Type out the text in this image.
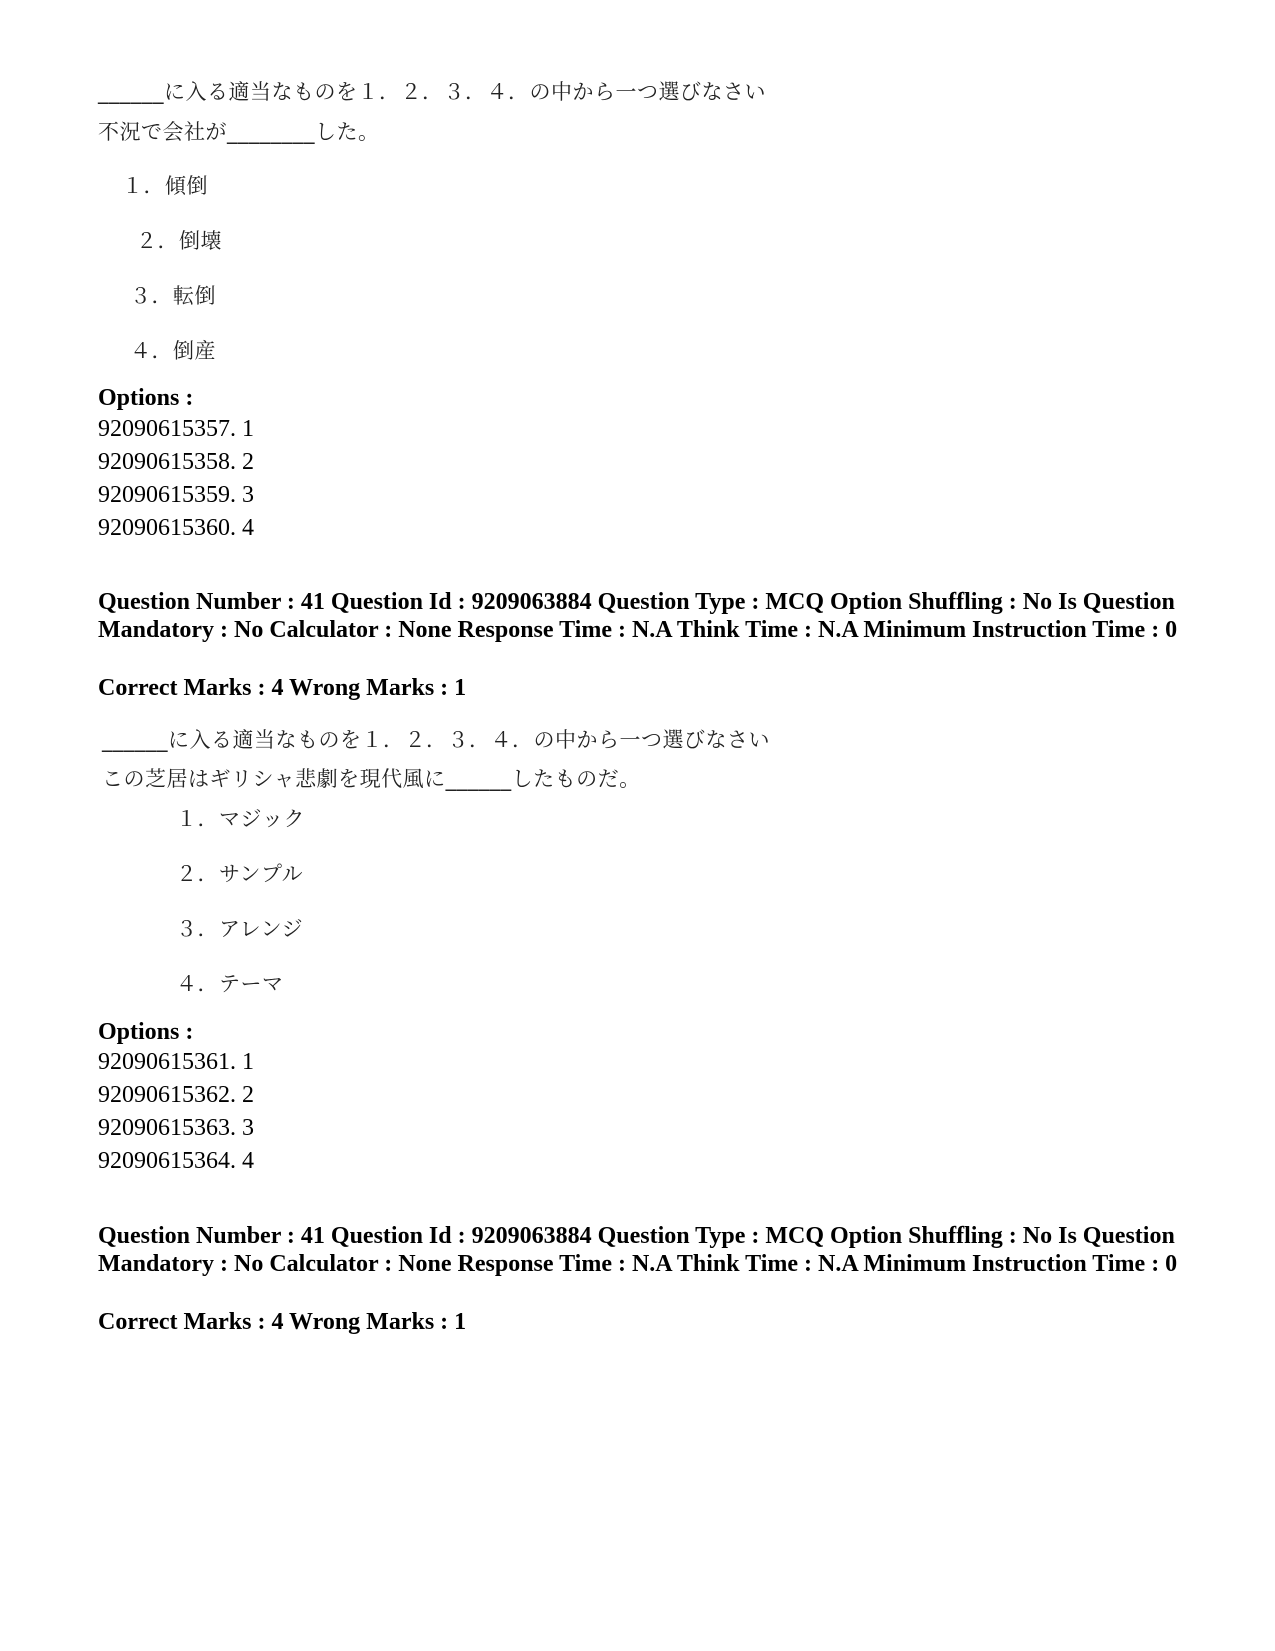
______に入る適当なものを１．２．３．４．の中から一つ選びなさい
不況で会社が________した。
１．傾倒
２．倒壊
３．転倒
４．倒産
Options :
92090615357. 1
92090615358. 2
92090615359. 3
92090615360. 4
Question Number : 41 Question Id : 9209063884 Question Type : MCQ Option Shuffling : No Is Question Mandatory : No Calculator : None Response Time : N.A Think Time : N.A Minimum Instruction Time : 0
Correct Marks : 4 Wrong Marks : 1
______に入る適当なものを１．２．３．４．の中から一つ選びなさい
この芝居はギリシャ悲劇を現代風に______したものだ。
１．マジック
２．サンプル
３．アレンジ
４．テーマ
Options :
92090615361. 1
92090615362. 2
92090615363. 3
92090615364. 4
Question Number : 41 Question Id : 9209063884 Question Type : MCQ Option Shuffling : No Is Question Mandatory : No Calculator : None Response Time : N.A Think Time : N.A Minimum Instruction Time : 0
Correct Marks : 4 Wrong Marks : 1
